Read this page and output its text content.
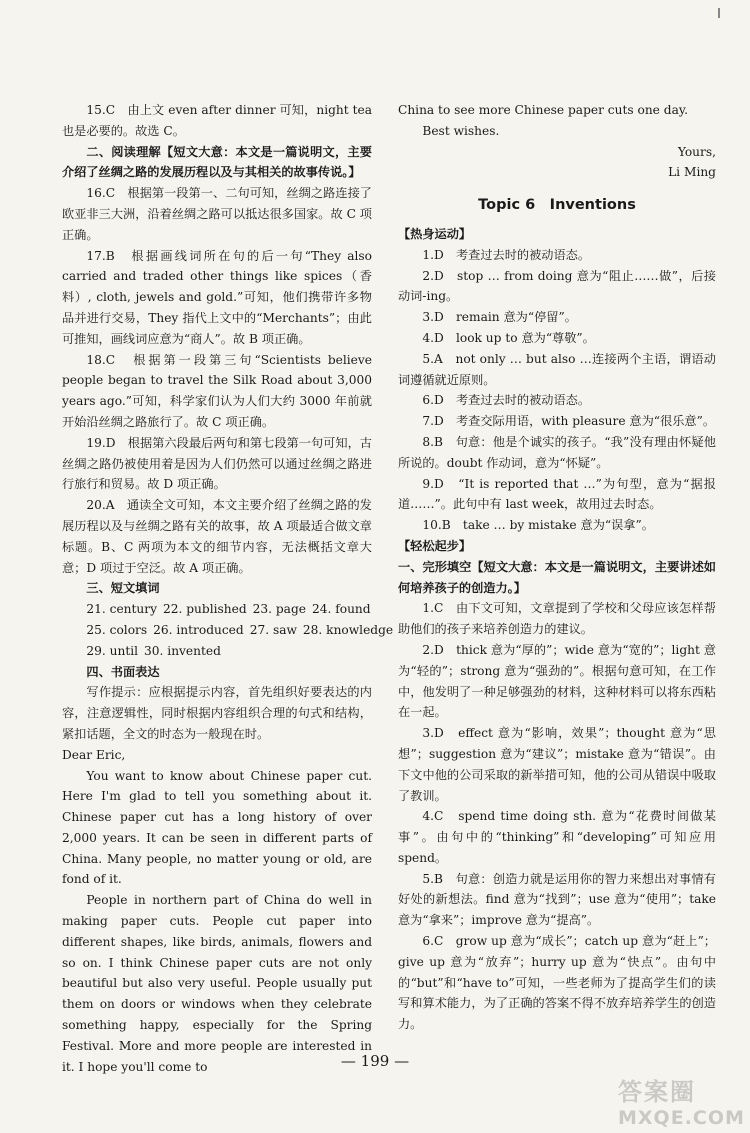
15.C　由上文 even after dinner 可知，night tea 也是必要的。故选 C。

二、阅读理解【短文大意：本文是一篇说明文，主要介绍了丝绸之路的发展历程以及与其相关的故事传说。】

16.C　根据第一段第一、二句可知，丝绸之路连接了欧亚非三大洲，沿着丝绸之路可以抵达很多国家。故 C 项正确。

17.B　根据画线词所在句的后一句“They also carried and traded other things like spices（香料）, cloth, jewels and gold.”可知，他们携带许多物品并进行交易，They 指代上文中的“Merchants”；由此可推知，画线词应意为“商人”。故 B 项正确。

18.C　根据第一段第三句“Scientists believe people began to travel the Silk Road about 3,000 years ago.”可知，科学家们认为人们大约 3000 年前就开始沿丝绸之路旅行了。故 C 项正确。

19.D　根据第六段最后两句和第七段第一句可知，古丝绸之路仍被使用着是因为人们仍然可以通过丝绸之路进行旅行和贸易。故 D 项正确。

20.A　通读全文可知，本文主要介绍了丝绸之路的发展历程以及与丝绸之路有关的故事，故 A 项最适合做文章标题。B、C 两项为本文的细节内容，无法概括文章大意；D 项过于空泛。故 A 项正确。

三、短文填词

21. century 22. published 23. page 24. found
25. colors 26. introduced 27. saw 28. knowledge
29. until 30. invented

四、书面表达

写作提示：应根据提示内容，首先组织好要表达的内容，注意逻辑性，同时根据内容组织合理的句式和结构，紧扣话题，全文的时态为一般现在时。

Dear Eric,

You want to know about Chinese paper cut. Here I'm glad to tell you something about it. Chinese paper cut has a long history of over 2,000 years. It can be seen in different parts of China. Many people, no matter young or old, are fond of it.

People in northern part of China do well in making paper cuts. People cut paper into different shapes, like birds, animals, flowers and so on. I think Chinese paper cuts are not only beautiful but also very useful. People usually put them on doors or windows when they celebrate something happy, especially for the Spring Festival. More and more people are interested in it. I hope you'll come to

China to see more Chinese paper cuts one day.

Best wishes.

Yours,

Li Ming

Topic 6　Inventions

【热身运动】

1.D　考查过去时的被动语态。

2.D　stop … from doing 意为“阻止……做”，后接动词-ing。

3.D　remain 意为“停留”。

4.D　look up to 意为“尊敬”。

5.A　not only … but also …连接两个主语，谓语动词遵循就近原则。

6.D　考查过去时的被动语态。

7.D　考查交际用语，with pleasure 意为“很乐意”。

8.B　句意：他是个诚实的孩子。“我”没有理由怀疑他所说的。doubt 作动词，意为“怀疑”。

9.D　“It is reported that …”为句型，意为“据报道……”。此句中有 last week，故用过去时态。

10.B　take … by mistake 意为“误拿”。

【轻松起步】

一、完形填空【短文大意：本文是一篇说明文，主要讲述如何培养孩子的创造力。】

1.C　由下文可知，文章提到了学校和父母应该怎样帮助他们的孩子来培养创造力的建议。

2.D　thick 意为“厚的”；wide 意为“宽的”；light 意为“轻的”；strong 意为“强劲的”。根据句意可知，在工作中，他发明了一种足够强劲的材料，这种材料可以将东西粘在一起。

3.D　effect 意为“影响，效果”；thought 意为“思想”；suggestion 意为“建议”；mistake 意为“错误”。由下文中他的公司采取的新举措可知，他的公司从错误中吸取了教训。

4.C　spend time doing sth. 意为“花费时间做某事”。由句中的“thinking”和“developing”可知应用 spend。

5.B　句意：创造力就是运用你的智力来想出对事情有好处的新想法。find 意为“找到”；use 意为“使用”；take 意为“拿来”；improve 意为“提高”。

6.C　grow up 意为“成长”；catch up 意为“赶上”；give up 意为“放弃”；hurry up 意为“快点”。由句中的“but”和“have to”可知，一些老师为了提高学生们的读写和算术能力，为了正确的答案不得不放弃培养学生的创造力。

— 199 —
答案圈
MXQE.COM
